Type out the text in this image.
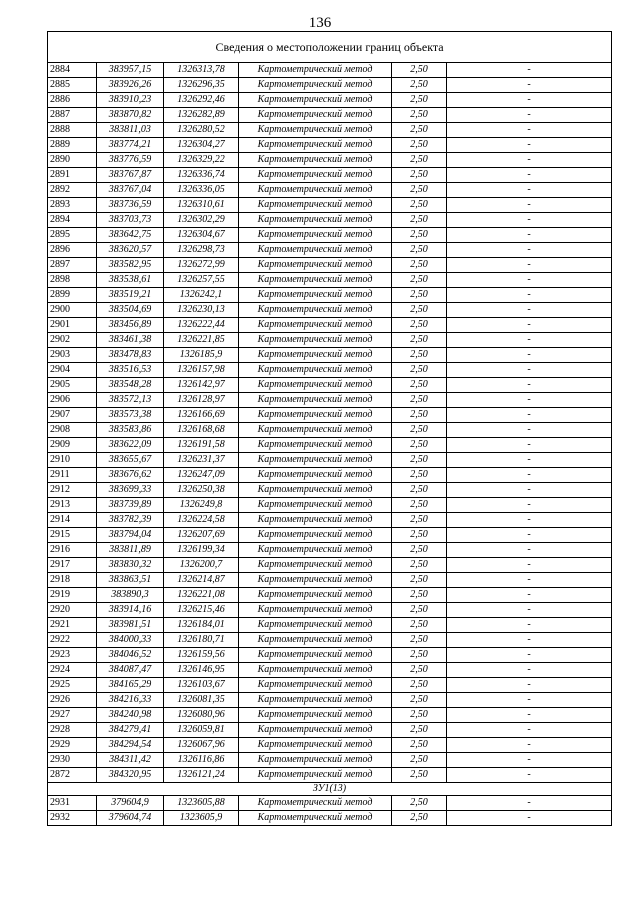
136
Сведения о местоположении границ объекта					
2884	383957,15	1326313,78	Картометрический метод	2,50	-
2885	383926,26	1326296,35	Картометрический метод	2,50	-
2886	383910,23	1326292,46	Картометрический метод	2,50	-
2887	383870,82	1326282,89	Картометрический метод	2,50	-
2888	383811,03	1326280,52	Картометрический метод	2,50	-
2889	383774,21	1326304,27	Картометрический метод	2,50	-
2890	383776,59	1326329,22	Картометрический метод	2,50	-
2891	383767,87	1326336,74	Картометрический метод	2,50	-
2892	383767,04	1326336,05	Картометрический метод	2,50	-
2893	383736,59	1326310,61	Картометрический метод	2,50	-
2894	383703,73	1326302,29	Картометрический метод	2,50	-
2895	383642,75	1326304,67	Картометрический метод	2,50	-
2896	383620,57	1326298,73	Картометрический метод	2,50	-
2897	383582,95	1326272,99	Картометрический метод	2,50	-
2898	383538,61	1326257,55	Картометрический метод	2,50	-
2899	383519,21	1326242,1	Картометрический метод	2,50	-
2900	383504,69	1326230,13	Картометрический метод	2,50	-
2901	383456,89	1326222,44	Картометрический метод	2,50	-
2902	383461,38	1326221,85	Картометрический метод	2,50	-
2903	383478,83	1326185,9	Картометрический метод	2,50	-
2904	383516,53	1326157,98	Картометрический метод	2,50	-
2905	383548,28	1326142,97	Картометрический метод	2,50	-
2906	383572,13	1326128,97	Картометрический метод	2,50	-
2907	383573,38	1326166,69	Картометрический метод	2,50	-
2908	383583,86	1326168,68	Картометрический метод	2,50	-
2909	383622,09	1326191,58	Картометрический метод	2,50	-
2910	383655,67	1326231,37	Картометрический метод	2,50	-
2911	383676,62	1326247,09	Картометрический метод	2,50	-
2912	383699,33	1326250,38	Картометрический метод	2,50	-
2913	383739,89	1326249,8	Картометрический метод	2,50	-
2914	383782,39	1326224,58	Картометрический метод	2,50	-
2915	383794,04	1326207,69	Картометрический метод	2,50	-
2916	383811,89	1326199,34	Картометрический метод	2,50	-
2917	383830,32	1326200,7	Картометрический метод	2,50	-
2918	383863,51	1326214,87	Картометрический метод	2,50	-
2919	383890,3	1326221,08	Картометрический метод	2,50	-
2920	383914,16	1326215,46	Картометрический метод	2,50	-
2921	383981,51	1326184,01	Картометрический метод	2,50	-
2922	384000,33	1326180,71	Картометрический метод	2,50	-
2923	384046,52	1326159,56	Картометрический метод	2,50	-
2924	384087,47	1326146,95	Картометрический метод	2,50	-
2925	384165,29	1326103,67	Картометрический метод	2,50	-
2926	384216,33	1326081,35	Картометрический метод	2,50	-
2927	384240,98	1326080,96	Картометрический метод	2,50	-
2928	384279,41	1326059,81	Картометрический метод	2,50	-
2929	384294,54	1326067,96	Картометрический метод	2,50	-
2930	384311,42	1326116,86	Картометрический метод	2,50	-
2872	384320,95	1326121,24	Картометрический метод	2,50	-
ЗУ1(13)					
2931	379604,9	1323605,88	Картометрический метод	2,50	-
2932	379604,74	1323605,9	Картометрический метод	2,50	-
